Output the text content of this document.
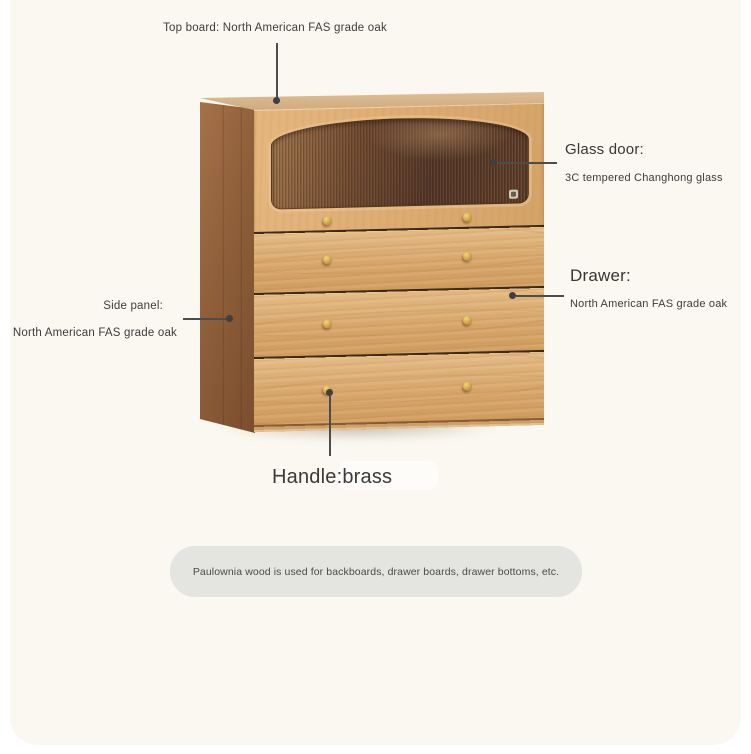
Top board: North American FAS grade oak
Glass door:
3C tempered Changhong glass
Drawer:
North American FAS grade oak
Side panel:
North American FAS grade oak
Handle:brass
Paulownia wood is used for backboards, drawer boards, drawer bottoms, etc.
